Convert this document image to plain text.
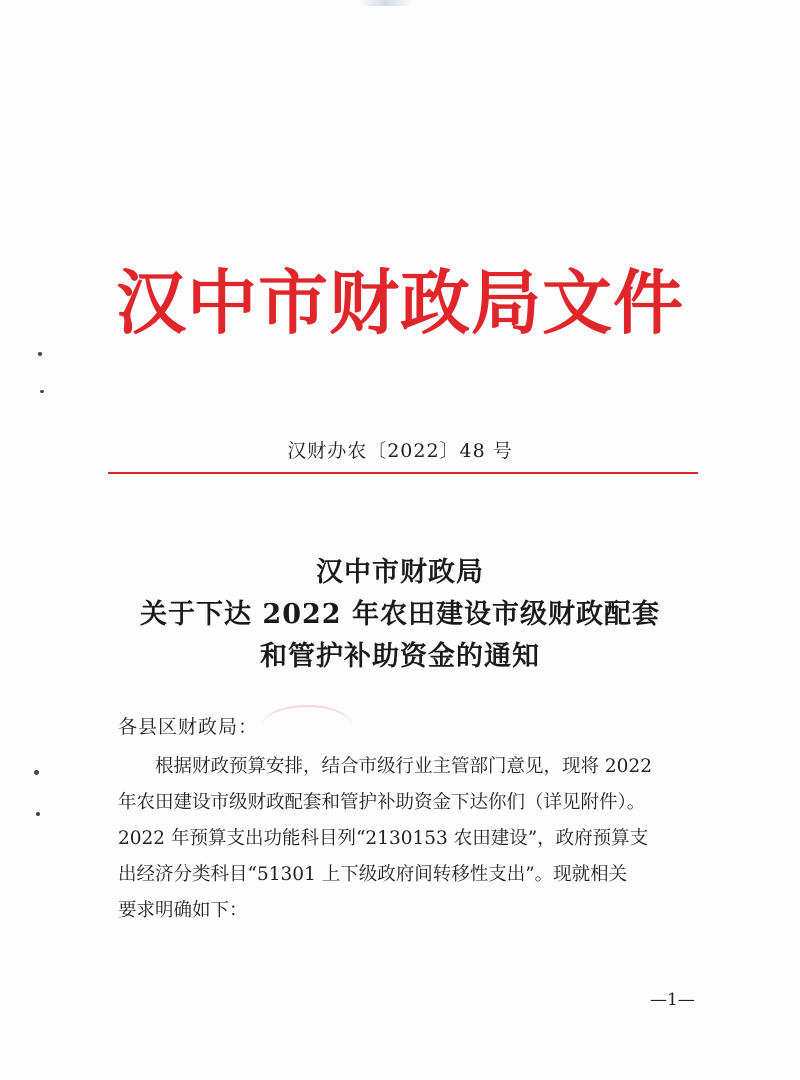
汉中市财政局文件
汉财办农〔2022〕48 号
汉中市财政局
关于下达 2022 年农田建设市级财政配套
和管护补助资金的通知
各县区财政局：
根据财政预算安排，结合市级行业主管部门意见，现将 2022
年农田建设市级财政配套和管护补助资金下达你们（详见附件）。
2022 年预算支出功能科目列“2130153 农田建设”，政府预算支
出经济分类科目“51301 上下级政府间转移性支出”。现就相关
要求明确如下：
—1—
